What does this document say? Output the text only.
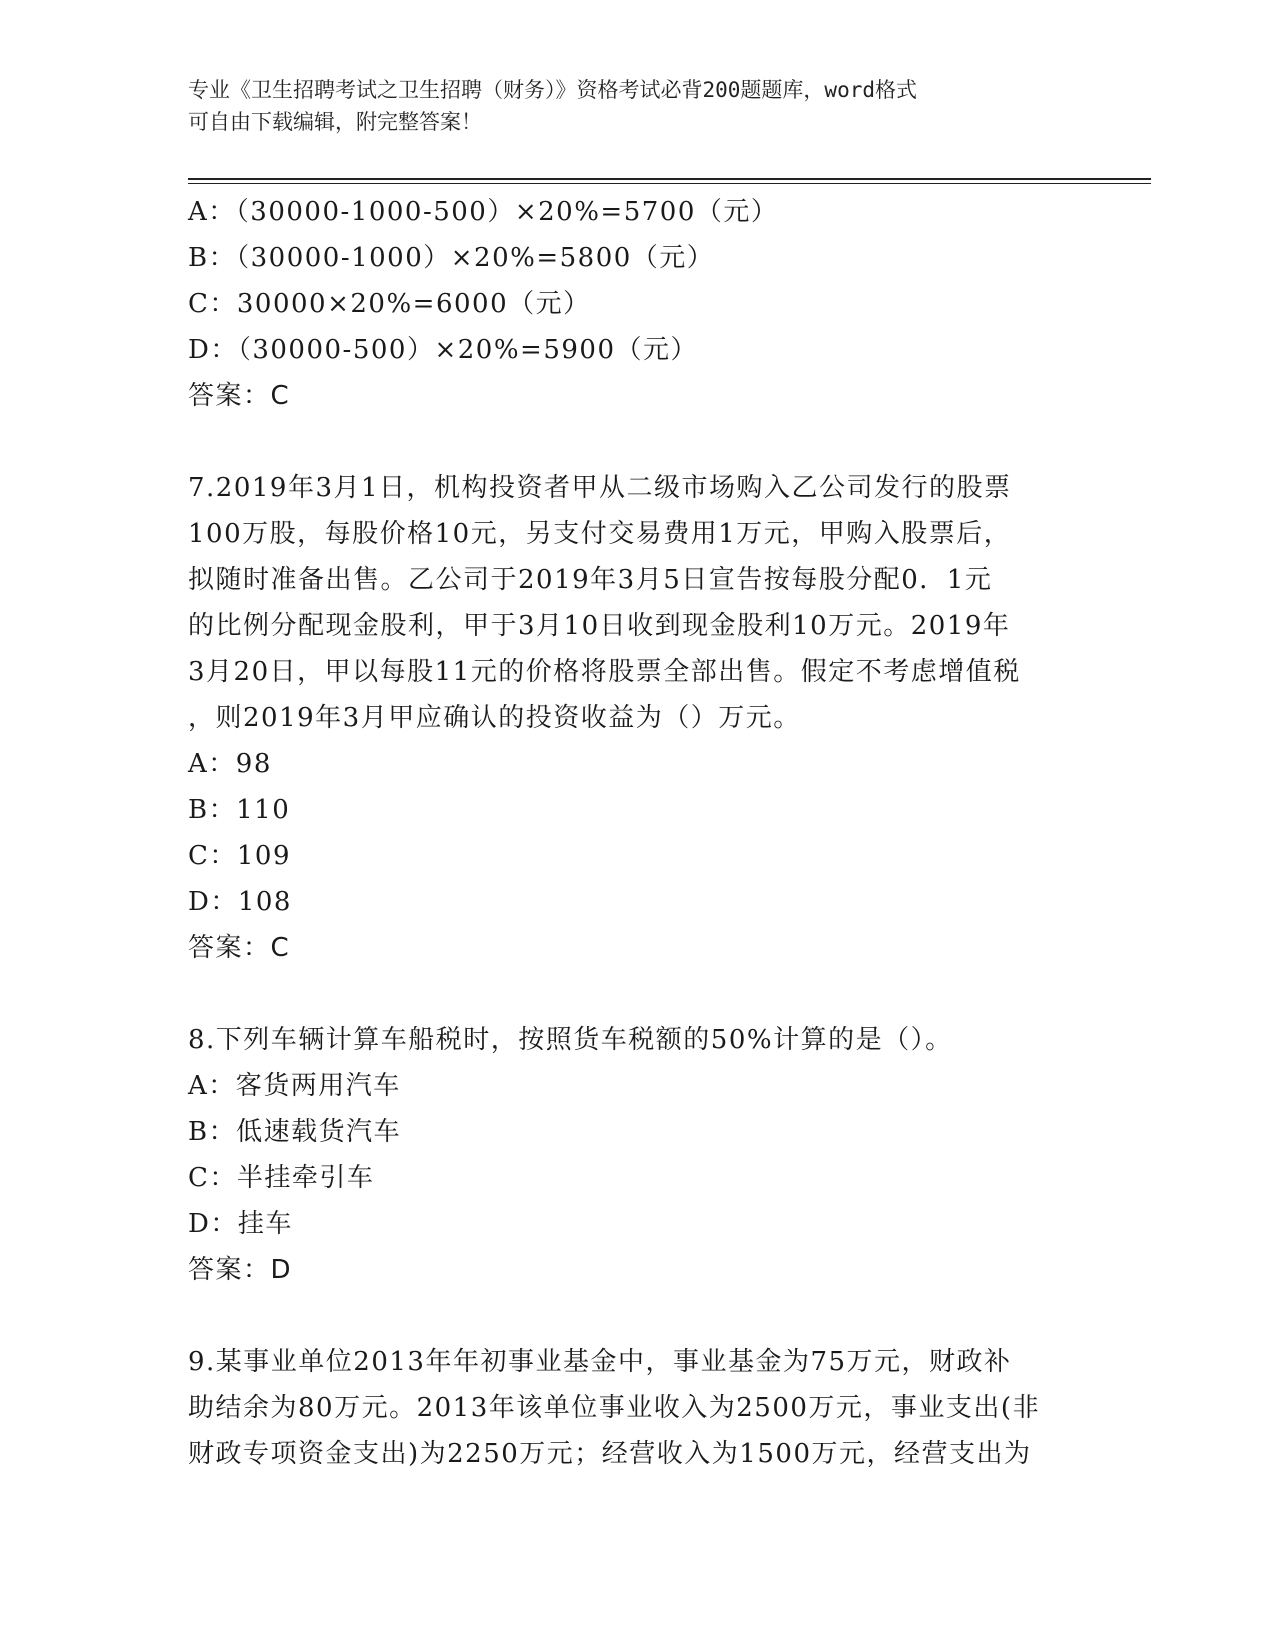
专业《卫生招聘考试之卫生招聘（财务）》资格考试必背200题题库，word格式
可自由下载编辑，附完整答案！
A：（30000-1000-500）×20%=5700（元）
B：（30000-1000）×20%=5800（元）
C：30000×20%=6000（元）
D：（30000-500）×20%=5900（元）
答案：C
7.2019年3月1日，机构投资者甲从二级市场购入乙公司发行的股票
100万股，每股价格10元，另支付交易费用1万元，甲购入股票后，
拟随时准备出售。乙公司于2019年3月5日宣告按每股分配0．1元
的比例分配现金股利，甲于3月10日收到现金股利10万元。2019年
3月20日，甲以每股11元的价格将股票全部出售。假定不考虑增值税
，则2019年3月甲应确认的投资收益为（）万元。
A：98
B：110
C：109
D：108
答案：C
8.下列车辆计算车船税时，按照货车税额的50%计算的是（）。
A：客货两用汽车
B：低速载货汽车
C：半挂牵引车
D：挂车
答案：D
9.某事业单位2013年年初事业基金中，事业基金为75万元，财政补
助结余为80万元。2013年该单位事业收入为2500万元，事业支出(非
财政专项资金支出)为2250万元；经营收入为1500万元，经营支出为
